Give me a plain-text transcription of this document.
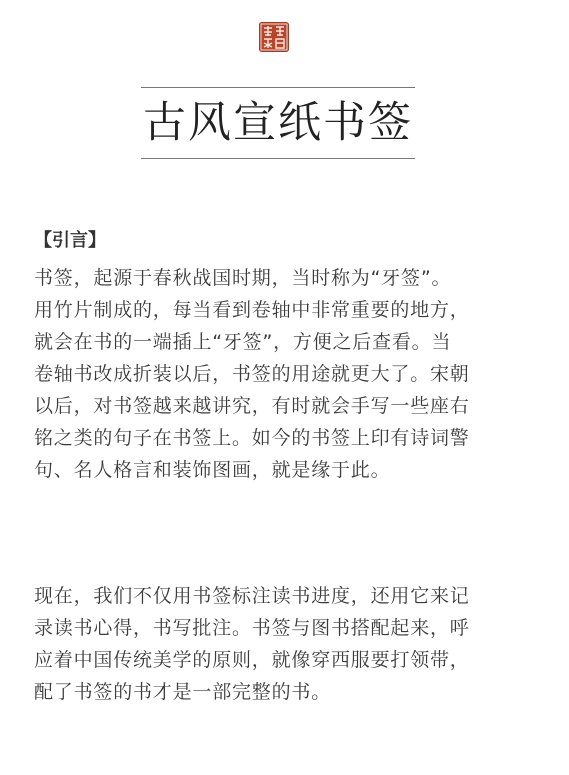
古风宣纸书签
【引言】
书签，起源于春秋战国时期，当时称为“牙签”。
用竹片制成的，每当看到卷轴中非常重要的地方，
就会在书的一端插上“牙签”，方便之后查看。当
卷轴书改成折装以后，书签的用途就更大了。宋朝
以后，对书签越来越讲究，有时就会手写一些座右
铭之类的句子在书签上。如今的书签上印有诗词警
句、名人格言和装饰图画，就是缘于此。
现在，我们不仅用书签标注读书进度，还用它来记
录读书心得，书写批注。书签与图书搭配起来，呼
应着中国传统美学的原则，就像穿西服要打领带，
配了书签的书才是一部完整的书。
